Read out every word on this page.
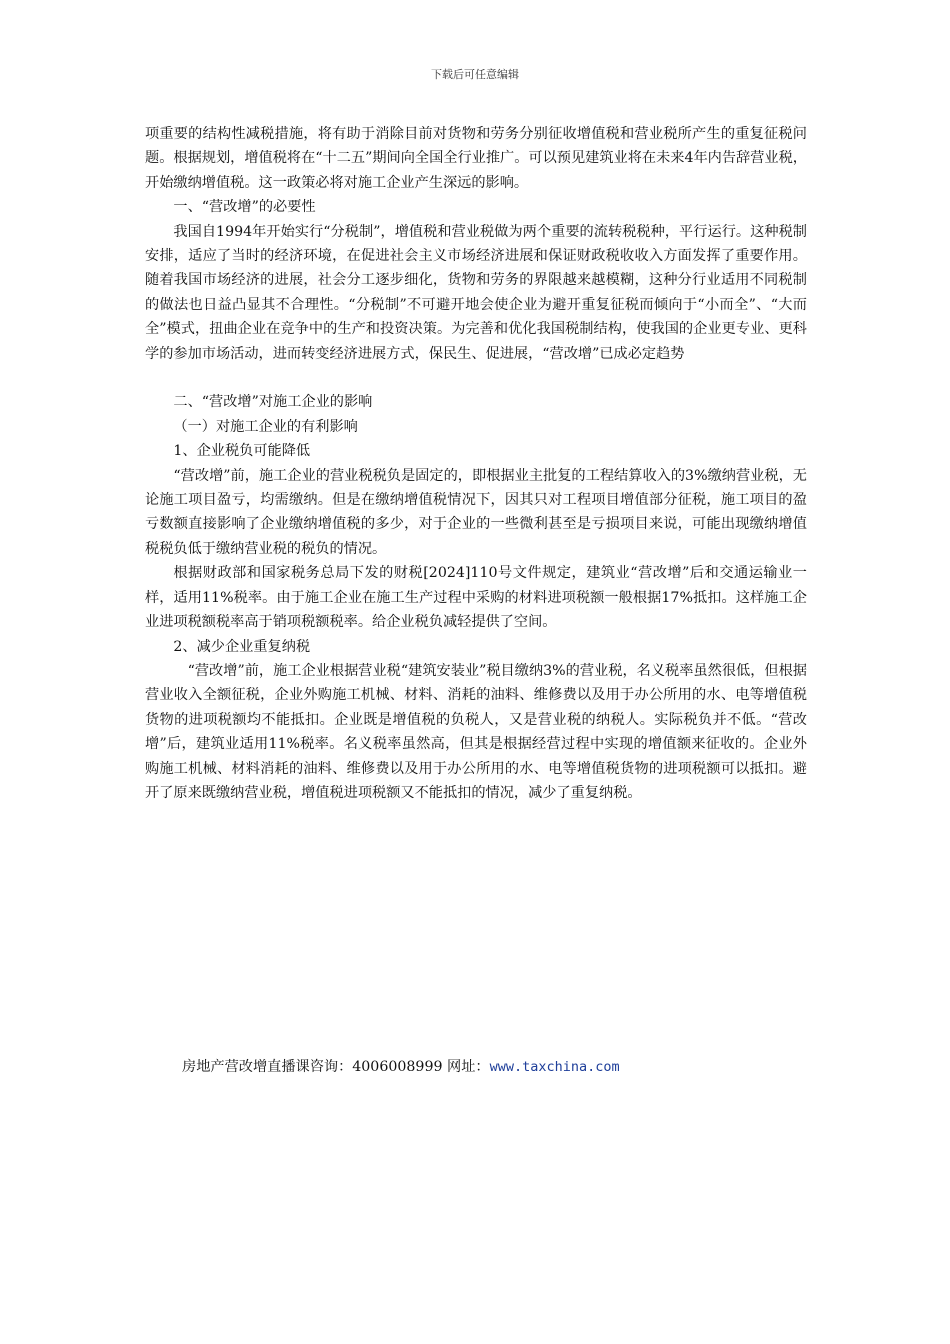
下载后可任意编辑

项重要的结构性减税措施，将有助于消除目前对货物和劳务分别征收增值税和营业税所产生的重复征税问题。根据规划，增值税将在“十二五”期间向全国全行业推广。可以预见建筑业将在未来4年内告辞营业税，开始缴纳增值税。这一政策必将对施工企业产生深远的影响。

一、“营改增”的必要性

我国自1994年开始实行“分税制”，增值税和营业税做为两个重要的流转税税种，平行运行。这种税制安排，适应了当时的经济环境，在促进社会主义市场经济进展和保证财政税收收入方面发挥了重要作用。随着我国市场经济的进展，社会分工逐步细化，货物和劳务的界限越来越模糊，这种分行业适用不同税制的做法也日益凸显其不合理性。“分税制”不可避开地会使企业为避开重复征税而倾向于“小而全”、“大而全”模式，扭曲企业在竞争中的生产和投资决策。为完善和优化我国税制结构，使我国的企业更专业、更科学的参加市场活动，进而转变经济进展方式，保民生、促进展，“营改增”已成必定趋势

二、“营改增”对施工企业的影响

（一）对施工企业的有利影响

1、企业税负可能降低

“营改增”前，施工企业的营业税税负是固定的，即根据业主批复的工程结算收入的3%缴纳营业税，无论施工项目盈亏，均需缴纳。但是在缴纳增值税情况下，因其只对工程项目增值部分征税，施工项目的盈亏数额直接影响了企业缴纳增值税的多少，对于企业的一些微利甚至是亏损项目来说，可能出现缴纳增值税税负低于缴纳营业税的税负的情况。

根据财政部和国家税务总局下发的财税[2024]110号文件规定，建筑业“营改增”后和交通运输业一样，适用11%税率。由于施工企业在施工生产过程中采购的材料进项税额一般根据17%抵扣。这样施工企业进项税额税率高于销项税额税率。给企业税负减轻提供了空间。

2、减少企业重复纳税

“营改增”前，施工企业根据营业税“建筑安装业”税目缴纳3%的营业税，名义税率虽然很低，但根据营业收入全额征税，企业外购施工机械、材料、消耗的油料、维修费以及用于办公所用的水、电等增值税货物的进项税额均不能抵扣。企业既是增值税的负税人，又是营业税的纳税人。实际税负并不低。“营改增”后，建筑业适用11%税率。名义税率虽然高，但其是根据经营过程中实现的增值额来征收的。企业外购施工机械、材料消耗的油料、维修费以及用于办公所用的水、电等增值税货物的进项税额可以抵扣。避开了原来既缴纳营业税，增值税进项税额又不能抵扣的情况，减少了重复纳税。

房地产营改增直播课咨询：4006008999 网址：www.taxchina.com
